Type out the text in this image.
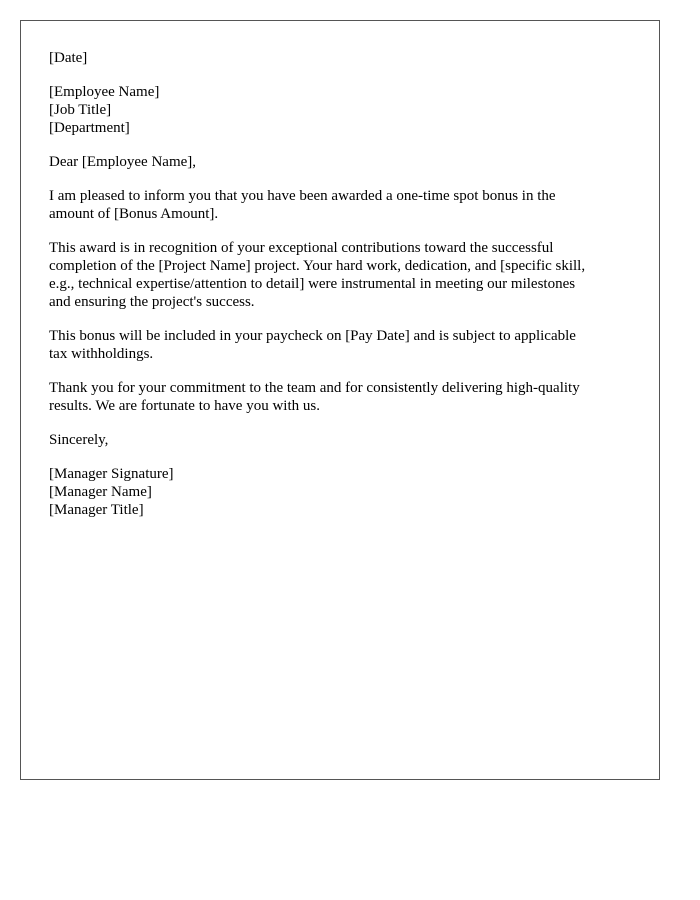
[Date]
[Employee Name]
[Job Title]
[Department]
Dear [Employee Name],

I am pleased to inform you that you have been awarded a one-time spot bonus in the
amount of [Bonus Amount].

This award is in recognition of your exceptional contributions toward the successful
completion of the [Project Name] project. Your hard work, dedication, and [specific skill,
e.g., technical expertise/attention to detail] were instrumental in meeting our milestones
and ensuring the project's success.

This bonus will be included in your paycheck on [Pay Date] and is subject to applicable
tax withholdings.

Thank you for your commitment to the team and for consistently delivering high-quality
results. We are fortunate to have you with us.

Sincerely,
[Manager Signature]
[Manager Name]
[Manager Title]
